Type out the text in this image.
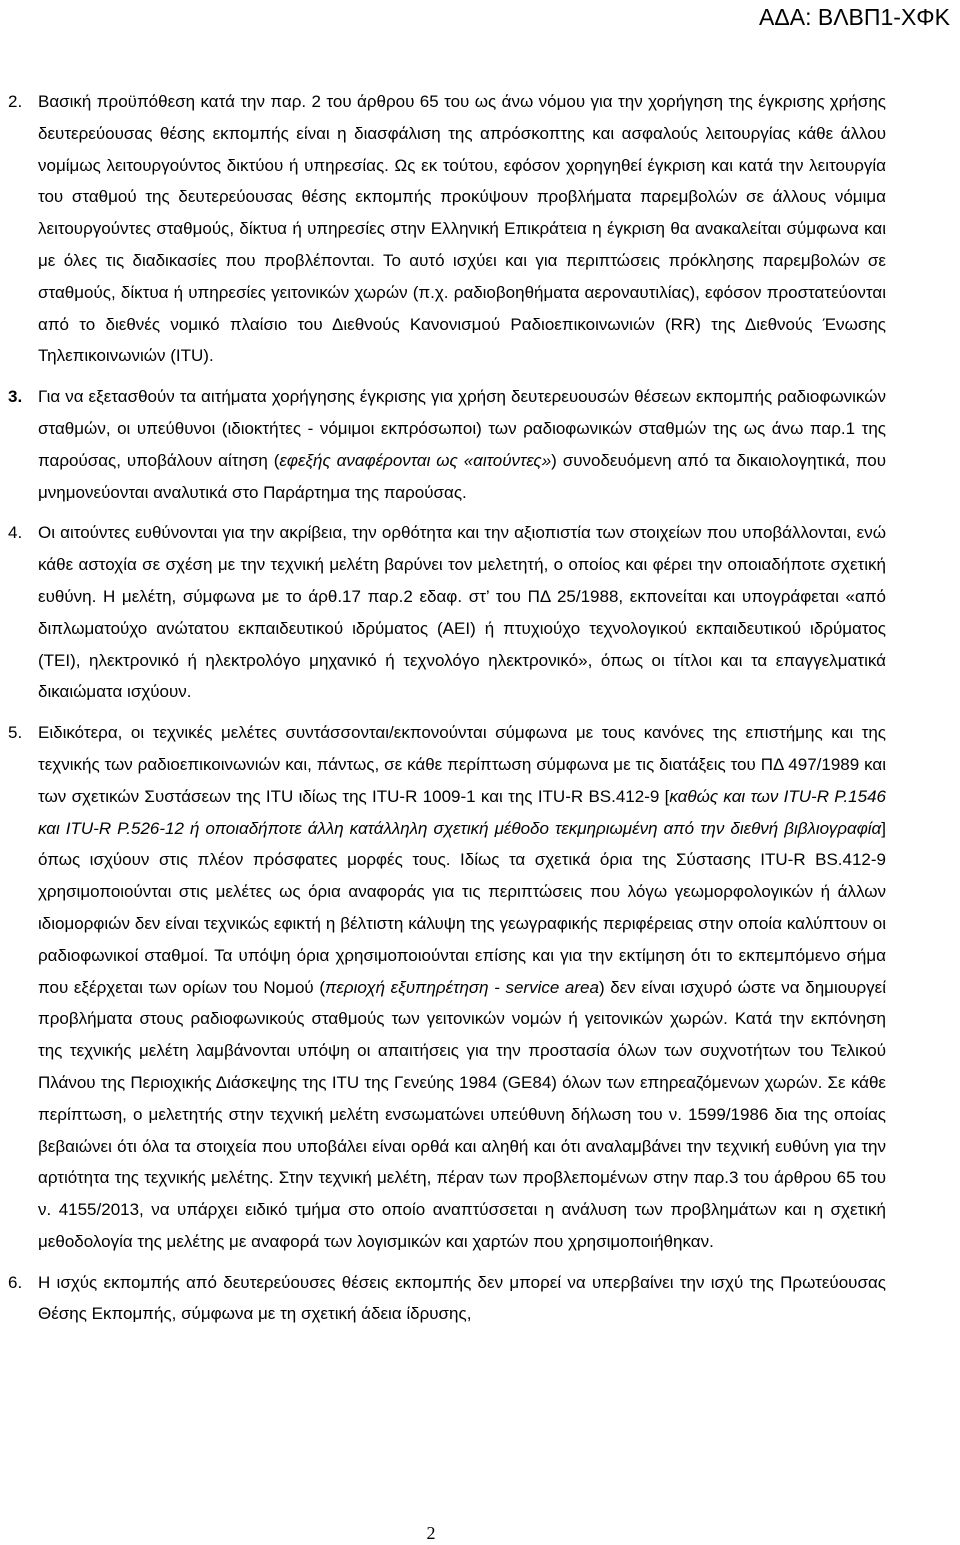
ΑΔΑ: ΒΛΒΠ1-ΧΦΚ
2. Βασική προϋπόθεση κατά την παρ. 2 του άρθρου 65 του ως άνω νόμου για την χορήγηση της έγκρισης χρήσης δευτερεύουσας θέσης εκπομπής είναι η διασφάλιση της απρόσκοπτης και ασφαλούς λειτουργίας κάθε άλλου νομίμως λειτουργούντος δικτύου ή υπηρεσίας. Ως εκ τούτου, εφόσον χορηγηθεί έγκριση και κατά την λειτουργία του σταθμού της δευτερεύουσας θέσης εκπομπής προκύψουν προβλήματα παρεμβολών σε άλλους νόμιμα λειτουργούντες σταθμούς, δίκτυα ή υπηρεσίες στην Ελληνική Επικράτεια η έγκριση θα ανακαλείται σύμφωνα και με όλες τις διαδικασίες που προβλέπονται. Το αυτό ισχύει και για περιπτώσεις πρόκλησης παρεμβολών σε σταθμούς, δίκτυα ή υπηρεσίες γειτονικών χωρών (π.χ. ραδιοβοηθήματα αεροναυτιλίας), εφόσον προστατεύονται από το διεθνές νομικό πλαίσιο του Διεθνούς Κανονισμού Ραδιοεπικοινωνιών (RR) της Διεθνούς Ένωσης Τηλεπικοινωνιών (ITU).
3. Για να εξετασθούν τα αιτήματα χορήγησης έγκρισης για χρήση δευτερευουσών θέσεων εκπομπής ραδιοφωνικών σταθμών, οι υπεύθυνοι (ιδιοκτήτες - νόμιμοι εκπρόσωποι) των ραδιοφωνικών σταθμών της ως άνω παρ.1 της παρούσας, υποβάλουν αίτηση (εφεξής αναφέρονται ως «αιτούντες») συνοδευόμενη από τα δικαιολογητικά, που μνημονεύονται αναλυτικά στο Παράρτημα της παρούσας.
4. Οι αιτούντες ευθύνονται για την ακρίβεια, την ορθότητα και την αξιοπιστία των στοιχείων που υποβάλλονται, ενώ κάθε αστοχία σε σχέση με την τεχνική μελέτη βαρύνει τον μελετητή, ο οποίος και φέρει την οποιαδήποτε σχετική ευθύνη. Η μελέτη, σύμφωνα με το άρθ.17 παρ.2 εδαφ. στ’ του ΠΔ 25/1988, εκπονείται και υπογράφεται «από διπλωματούχο ανώτατου εκπαιδευτικού ιδρύματος (ΑΕΙ) ή πτυχιούχο τεχνολογικού εκπαιδευτικού ιδρύματος (ΤΕΙ), ηλεκτρονικό ή ηλεκτρολόγο μηχανικό ή τεχνολόγο ηλεκτρονικό», όπως οι τίτλοι και τα επαγγελματικά δικαιώματα ισχύουν.
5. Ειδικότερα, οι τεχνικές μελέτες συντάσσονται/εκπονούνται σύμφωνα με τους κανόνες της επιστήμης και της τεχνικής των ραδιοεπικοινωνιών και, πάντως, σε κάθε περίπτωση σύμφωνα με τις διατάξεις του ΠΔ 497/1989 και των σχετικών Συστάσεων της ITU ιδίως της ITU-R 1009-1 και της ITU-R BS.412-9 [καθώς και των ITU-R P.1546 και ITU-R P.526-12 ή οποιαδήποτε άλλη κατάλληλη σχετική μέθοδο τεκμηριωμένη από την διεθνή βιβλιογραφία] όπως ισχύουν στις πλέον πρόσφατες μορφές τους. Ιδίως τα σχετικά όρια της Σύστασης ITU-R BS.412-9 χρησιμοποιούνται στις μελέτες ως όρια αναφοράς για τις περιπτώσεις που λόγω γεωμορφολογικών ή άλλων ιδιομορφιών δεν είναι τεχνικώς εφικτή η βέλτιστη κάλυψη της γεωγραφικής περιφέρειας στην οποία καλύπτουν οι ραδιοφωνικοί σταθμοί. Τα υπόψη όρια χρησιμοποιούνται επίσης και για την εκτίμηση ότι το εκπεμπόμενο σήμα που εξέρχεται των ορίων του Νομού (περιοχή εξυπηρέτηση - service area) δεν είναι ισχυρό ώστε να δημιουργεί προβλήματα στους ραδιοφωνικούς σταθμούς των γειτονικών νομών ή γειτονικών χωρών. Κατά την εκπόνηση της τεχνικής μελέτη λαμβάνονται υπόψη οι απαιτήσεις για την προστασία όλων των συχνοτήτων του Τελικού Πλάνου της Περιοχικής Διάσκεψης της ITU της Γενεύης 1984 (GE84) όλων των επηρεαζόμενων χωρών. Σε κάθε περίπτωση, ο μελετητής στην τεχνική μελέτη ενσωματώνει υπεύθυνη δήλωση του ν. 1599/1986 δια της οποίας βεβαιώνει ότι όλα τα στοιχεία που υποβάλει είναι ορθά και αληθή και ότι αναλαμβάνει την τεχνική ευθύνη για την αρτιότητα της τεχνικής μελέτης. Στην τεχνική μελέτη, πέραν των προβλεπομένων στην παρ.3 του άρθρου 65 του ν. 4155/2013, να υπάρχει ειδικό τμήμα στο οποίο αναπτύσσεται η ανάλυση των προβλημάτων και η σχετική μεθοδολογία της μελέτης με αναφορά των λογισμικών και χαρτών που χρησιμοποιήθηκαν.
6. Η ισχύς εκπομπής από δευτερεύουσες θέσεις εκπομπής δεν μπορεί να υπερβαίνει την ισχύ της Πρωτεύουσας Θέσης Εκπομπής, σύμφωνα με τη σχετική άδεια ίδρυσης,
2
